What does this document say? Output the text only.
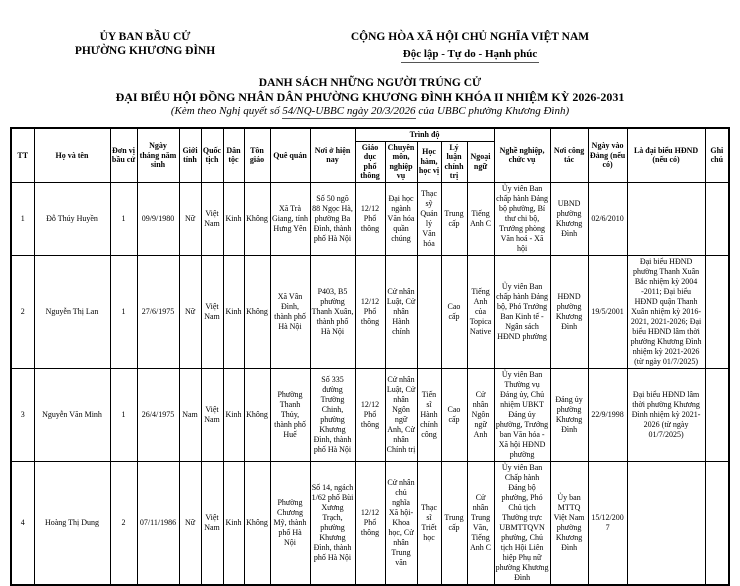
ỦY BAN BẦU CỬ
PHƯỜNG KHƯƠNG ĐÌNH
CỘNG HÒA XÃ HỘI CHỦ NGHĨA VIỆT NAM
Độc lập - Tự do - Hạnh phúc
DANH SÁCH NHỮNG NGƯỜI TRÚNG CỬ
ĐẠI BIỂU HỘI ĐỒNG NHÂN DÂN PHƯỜNG KHƯƠNG ĐÌNH KHÓA II NHIỆM KỲ 2026-2031
(Kèm theo Nghị quyết số 54/NQ-UBBC ngày 20/3/2026 của UBBC phường Khương Đình)
TT	Họ và tên	Đơn vị bầu cử	Ngày tháng năm sinh	Giới tính	Quốc tịch	Dân tộc	Tôn giáo	Quê quán	Nơi ở hiện nay	Trình độ					Nghề nghiệp, chức vụ	Nơi công tác	Ngày vào Đảng (nếu có)	Là đại biểu HĐND (nếu có)	Ghi chú
										Giáo dục phổ thông	Chuyên môn, nghiệp vụ	Học hàm, học vị	Lý luận chính trị	Ngoại ngữ					
1	Đỗ Thúy Huyền	1	09/9/1980	Nữ	Việt Nam	Kinh	Không	Xã Trà Giang, tỉnh Hưng Yên	Số 50 ngõ 88 Ngọc Hà, phường Ba Đình, thành phố Hà Nội	12/12 Phổ thông	Đại học ngành Văn hóa quần chúng	Thạc sỹ Quản lý Văn hóa	Trung cấp	Tiếng Anh C	Ủy viên Ban chấp hành Đảng bộ phường, Bí thư chi bộ, Trưởng phòng Văn hoá - Xã hội	UBND phường Khương Đình	02/6/2010		
2	Nguyễn Thị Lan	1	27/6/1975	Nữ	Việt Nam	Kinh	Không	Xã Vân Đình, thành phố Hà Nội	P403, B5 phường Thanh Xuân, thành phố Hà Nội	12/12 Phổ thông	Cử nhân Luật, Cử nhân Hành chính		Cao cấp	Tiếng Anh của Topica Native	Ủy viên Ban chấp hành Đảng bộ, Phó Trưởng Ban Kinh tế - Ngân sách HĐND phường	HĐND phường Khương Đình	19/5/2001	Đại biểu HĐND phường Thanh Xuân Bắc nhiệm kỳ 2004 -2011; Đại biểu HĐND quận Thanh Xuân nhiệm kỳ 2016-2021, 2021-2026; Đại biểu HĐND lâm thời phường Khương Đình nhiệm kỳ 2021-2026 (từ ngày 01/7/2025)	
3	Nguyễn Văn Minh	1	26/4/1975	Nam	Việt Nam	Kinh	Không	Phường Thanh Thủy, thành phố Huế	Số 335 đường Trường Chinh, phường Khương Đình, thành phố Hà Nội	12/12 Phổ thông	Cử nhân Luật, Cử nhân Ngôn ngữ Anh, Cử nhân Chính trị	Tiến sĩ Hành chính công	Cao cấp	Cử nhân Ngôn ngữ Anh	Ủy viên Ban Thường vụ Đảng ủy, Chủ nhiệm UBKT Đảng ủy phường, Trưởng ban Văn hóa - Xã hội HĐND phường	Đảng ủy phường Khương Đình	22/9/1998	Đại biểu HĐND lâm thời phường Khương Đình nhiệm kỳ 2021-2026 (từ ngày 01/7/2025)	
4	Hoàng Thị Dung	2	07/11/1986	Nữ	Việt Nam	Kinh	Không	Phường Chương Mỹ, thành phố Hà Nội	Số 14, ngách 1/62 phố Bùi Xương Trạch, phường Khương Đình, thành phố Hà Nội	12/12 Phổ thông	Cử nhân chủ nghĩa Xã hội-Khoa học, Cử nhân Trung văn	Thạc sĩ Triết học	Trung cấp	Cử nhân Trung Văn, Tiếng Anh C	Ủy viên Ban Chấp hành Đảng bộ phường, Phó Chủ tịch Thường trực UBMTTQVN phường, Chủ tịch Hội Liên hiệp Phụ nữ phường Khương Đình	Ủy ban MTTQ Việt Nam phường Khương Đình	15/12/2007		
